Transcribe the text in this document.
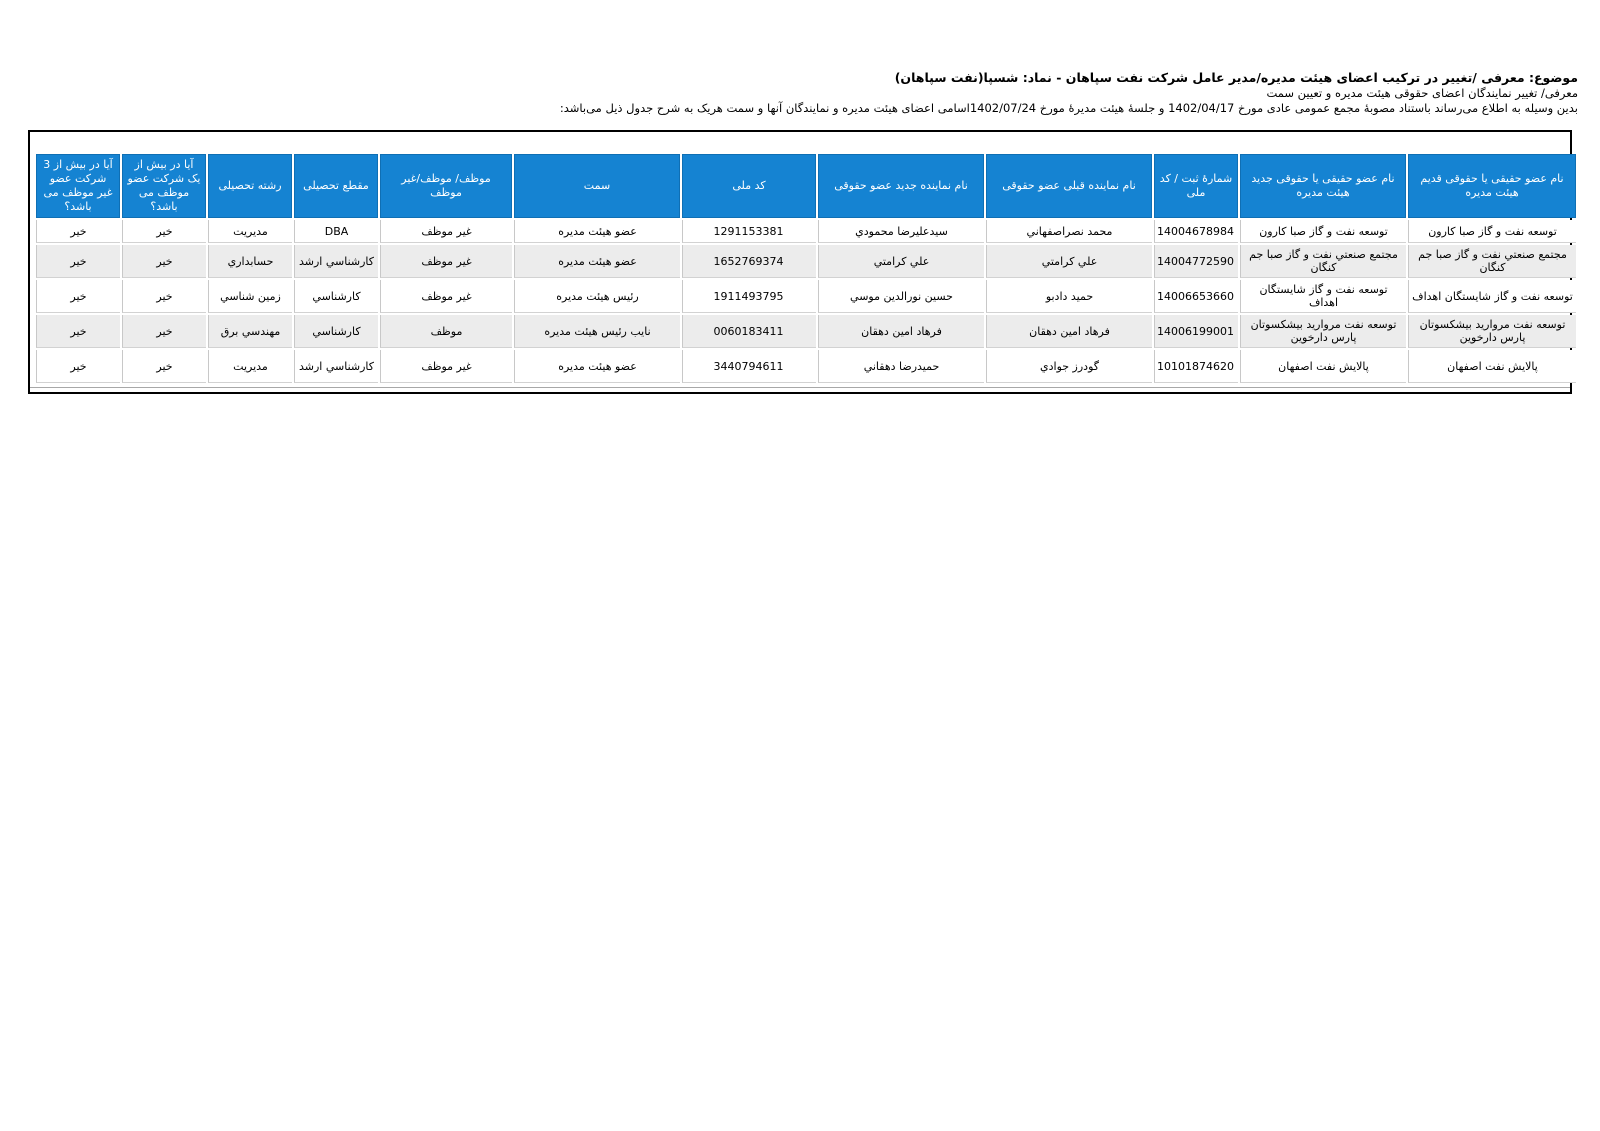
موضوع: معرفی /تغییر در ترکیب اعضای هیئت مدیره/مدیر عامل شرکت نفت سپاهان - نماد: شسپا(نفت سپاهان)
معرفی/ تغییر نمایندگان اعضای حقوقی هیئت مدیره و تعیین سمت
بدین وسیله به اطلاع می‌رساند باستناد مصوبهٔ مجمع عمومی عادی مورخ 1402/04/17 و جلسهٔ هیئت مدیرهٔ مورخ 1402/07/24اسامی اعضای هیئت مدیره و نمایندگان آنها و سمت هریک به شرح جدول ذیل می‌باشد:
نام عضو حقیقی یا حقوقی قدیم هیئت مدیره	نام عضو حقیقی یا حقوقی جدید هیئت مدیره	شمارهٔ ثبت / کد ملی	نام نماینده قبلی عضو حقوقی	نام نماینده جدید عضو حقوقی	کد ملی	سمت	موظف/ موظف/غیر موظف	مقطع تحصیلی	رشته تحصیلی	آیا در بیش از یک شرکت عضو موظف می باشد؟	آیا در بیش از 3 شرکت عضو غیر موظف می باشد؟
توسعه نفت و گاز صبا کارون	توسعه نفت و گاز صبا کارون	14004678984	محمد نصراصفهاني	سيدعليرضا محمودي	1291153381	عضو هیئت مدیره	غیر موظف	DBA	مديريت	خير	خير
مجتمع صنعتي نفت و گاز صبا جم کنگان	مجتمع صنعتي نفت و گاز صبا جم کنگان	14004772590	علي كرامتي	علي كرامتي	1652769374	عضو هیئت مدیره	غیر موظف	كارشناسي ارشد	حسابداري	خير	خير
توسعه نفت و گاز شایستگان اهداف	توسعه نفت و گاز شایستگان اهداف	14006653660	حميد دادبو	حسين نورالدين موسي	1911493795	رئیس هیئت مدیره	غیر موظف	كارشناسي	زمين شناسي	خير	خير
توسعه نفت مروارید بیشکسوتان پارس دارخوین	توسعه نفت مروارید بیشکسوتان پارس دارخوین	14006199001	فرهاد امين دهقان	فرهاد امين دهقان	0060183411	نایب رئیس هیئت مدیره	موظف	كارشناسي	مهندسي برق	خير	خير
پالایش نفت اصفهان	پالایش نفت اصفهان	10101874620	گودرز جوادي	حميدرضا دهقاني	3440794611	عضو هیئت مدیره	غیر موظف	كارشناسي ارشد	مديريت	خير	خير
